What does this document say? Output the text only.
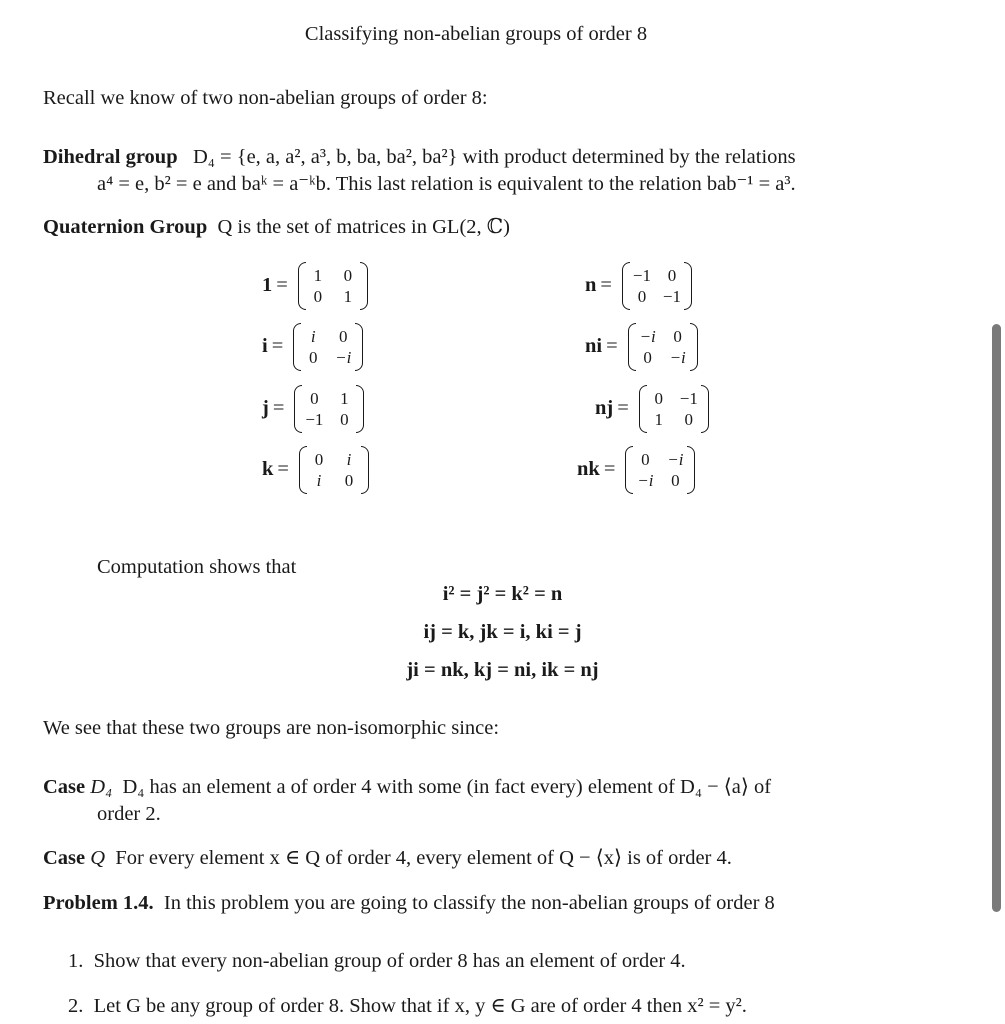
Classifying non-abelian groups of order 8
Recall we know of two non-abelian groups of order 8:
Dihedral group D₄ = {e, a, a², a³, b, ba, ba², ba²} with product determined by the relations
a⁴ = e, b² = e and baᵏ = a⁻ᵏb. This last relation is equivalent to the relation bab⁻¹ = a³.
Quaternion Group Q is the set of matrices in GL(2, ℂ)
1 =	1	0
0	1
i =	i	0
0	−i
j =	0	1
−1 0
k =	0	i
i	0
n = −1 0
0 −1
ni = −i	0
0	−i
nj =	0 −1
1	0
nk =	0	−i
−i	0
Computation shows that
i² = j² = k² = n
ij = k, jk = i, ki = j
ji = nk, kj = ni, ik = nj
We see that these two groups are non-isomorphic since:
Case D₄ D₄ has an element a of order 4 with some (in fact every) element of D₄ − ⟨a⟩ of
order 2.
Case Q For every element x ∈ Q of order 4, every element of Q − ⟨x⟩ is of order 4.
Problem 1.4. In this problem you are going to classify the non-abelian groups of order 8
1. Show that every non-abelian group of order 8 has an element of order 4.
2. Let G be any group of order 8. Show that if x, y ∈ G are of order 4 then x² = y².
